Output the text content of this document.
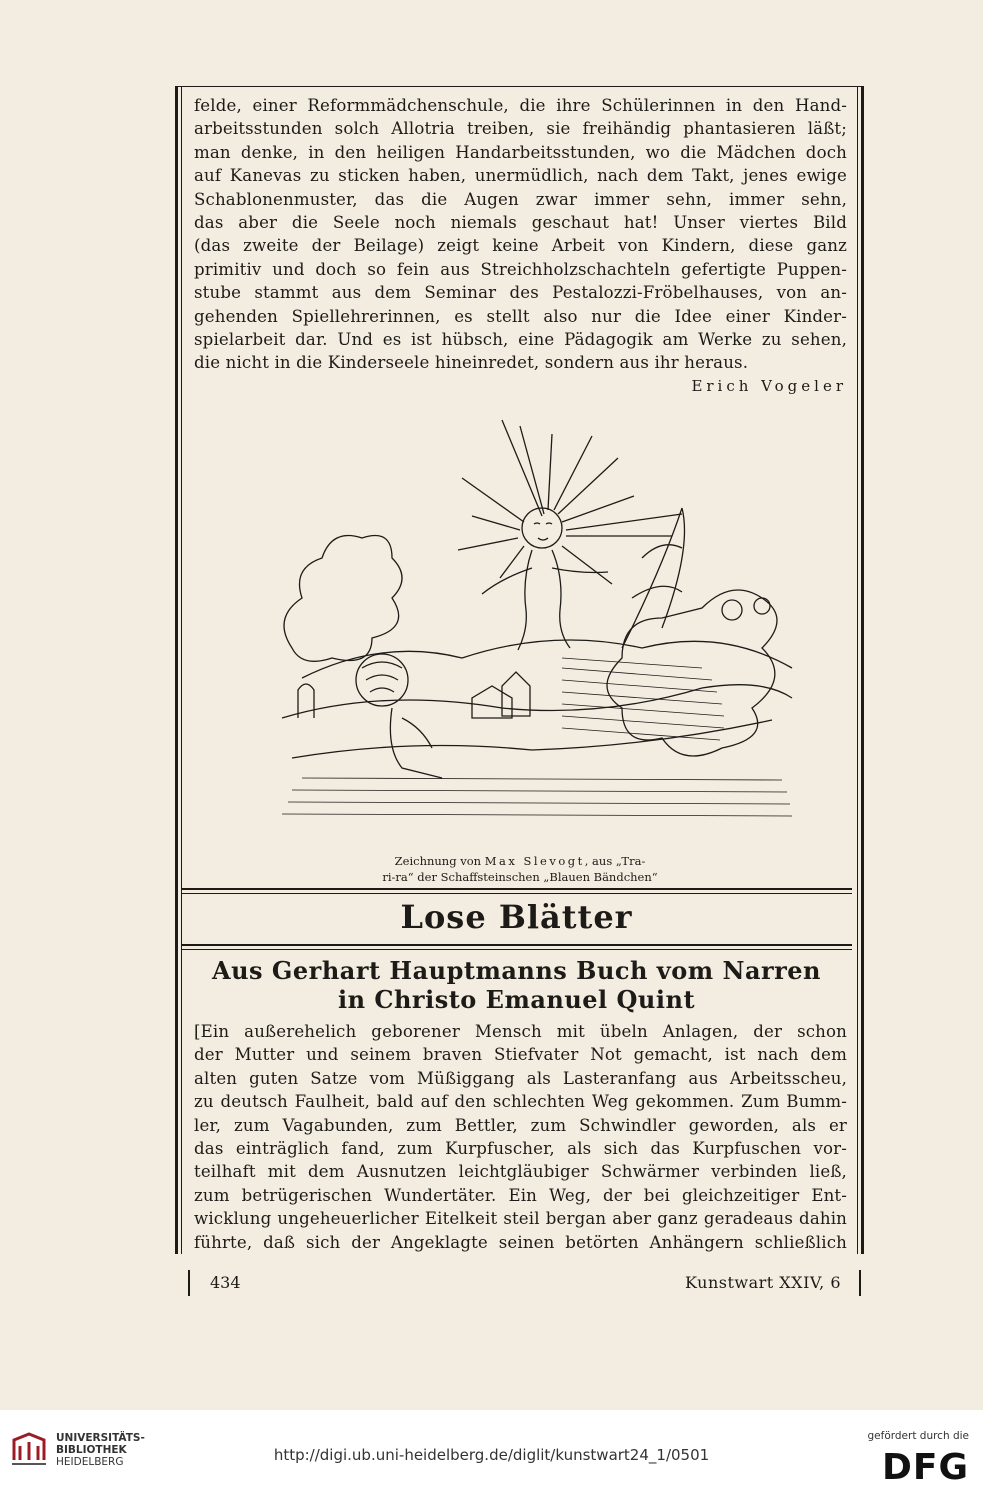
felde, einer Reformmädchenschule, die ihre Schülerinnen in den Hand-

arbeitsstunden solch Allotria treiben, sie freihändig phantasieren läßt;

man denke, in den heiligen Handarbeitsstunden, wo die Mädchen doch

auf Kanevas zu sticken haben, unermüdlich, nach dem Takt, jenes ewige

Schablonenmuster, das die Augen zwar immer sehn, immer sehn,

das aber die Seele noch niemals geschaut hat! Unser viertes Bild

(das zweite der Beilage) zeigt keine Arbeit von Kindern, diese ganz

primitiv und doch so fein aus Streichholzschachteln gefertigte Puppen-

stube stammt aus dem Seminar des Pestalozzi-Fröbelhauses, von an-

gehenden Spiellehrerinnen, es stellt also nur die Idee einer Kinder-

spielarbeit dar. Und es ist hübsch, eine Pädagogik am Werke zu sehen,

die nicht in die Kinderseele hineinredet, sondern aus ihr heraus.

Erich Vogeler
Zeichnung von Max Slevogt, aus „Tra-
ri-ra“ der Schaffsteinschen „Blauen Bändchen“
Lose Blätter
Aus Gerhart Hauptmanns Buch vom Narren
in Christo Emanuel Quint

[Ein außerehelich geborener Mensch mit übeln Anlagen, der schon

der Mutter und seinem braven Stiefvater Not gemacht, ist nach dem

alten guten Satze vom Müßiggang als Lasteranfang aus Arbeitsscheu,

zu deutsch Faulheit, bald auf den schlechten Weg gekommen. Zum Bumm-

ler, zum Vagabunden, zum Bettler, zum Schwindler geworden, als er

das einträglich fand, zum Kurpfuscher, als sich das Kurpfuschen vor-

teilhaft mit dem Ausnutzen leichtgläubiger Schwärmer verbinden ließ,

zum betrügerischen Wundertäter. Ein Weg, der bei gleichzeitiger Ent-

wicklung ungeheuerlicher Eitelkeit steil bergan aber ganz geradeaus dahin

führte, daß sich der Angeklagte seinen betörten Anhängern schließlich

434	Kunstwart XXIV, 6
UNIVERSITÄTS-
BIBLIOTHEK
HEIDELBERG	http://digi.ub.uni-heidelberg.de/diglit/kunstwart24_1/0501
gefördert durch die
DFG
